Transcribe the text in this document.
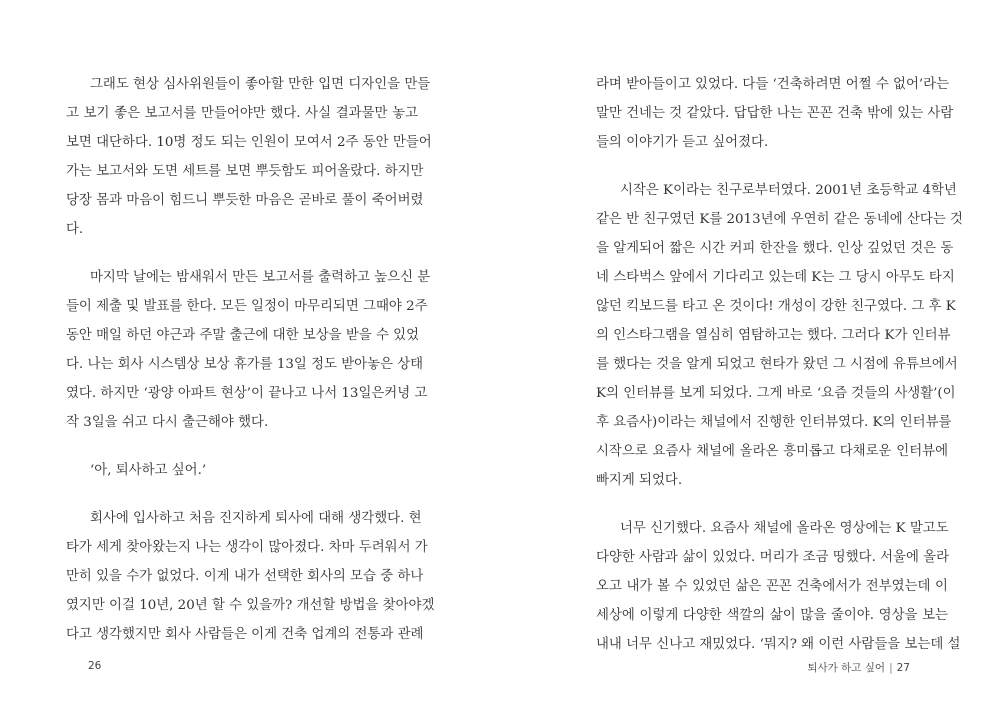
그래도 현상 심사위원들이 좋아할 만한 입면 디자인을 만들
고 보기 좋은 보고서를 만들어야만 했다. 사실 결과물만 놓고
보면 대단하다. 10명 정도 되는 인원이 모여서 2주 동안 만들어
가는 보고서와 도면 세트를 보면 뿌듯함도 피어올랐다. 하지만
당장 몸과 마음이 힘드니 뿌듯한 마음은 곧바로 풀이 죽어버렸
다.
마지막 날에는 밤새워서 만든 보고서를 출력하고 높으신 분
들이 제출 및 발표를 한다. 모든 일정이 마무리되면 그때야 2주
동안 매일 하던 야근과 주말 출근에 대한 보상을 받을 수 있었
다. 나는 회사 시스템상 보상 휴가를 13일 정도 받아놓은 상태
였다. 하지만 ‘광양 아파트 현상’이 끝나고 나서 13일은커녕 고
작 3일을 쉬고 다시 출근해야 했다.
‘아, 퇴사하고 싶어.’
회사에 입사하고 처음 진지하게 퇴사에 대해 생각했다. 현
타가 세게 찾아왔는지 나는 생각이 많아졌다. 차마 두려워서 가
만히 있을 수가 없었다. 이게 내가 선택한 회사의 모습 중 하나
였지만 이걸 10년, 20년 할 수 있을까? 개선할 방법을 찾아야겠
다고 생각했지만 회사 사람들은 이게 건축 업계의 전통과 관례
26
라며 받아들이고 있었다. 다들 ‘건축하려면 어쩔 수 없어’라는
말만 건네는 것 같았다. 답답한 나는 꼰꼰 건축 밖에 있는 사람
들의 이야기가 듣고 싶어졌다.
시작은 K이라는 친구로부터였다. 2001년 초등학교 4학년
같은 반 친구였던 K를 2013년에 우연히 같은 동네에 산다는 것
을 알게되어 짧은 시간 커피 한잔을 했다. 인상 깊었던 것은 동
네 스타벅스 앞에서 기다리고 있는데 K는 그 당시 아무도 타지
않던 킥보드를 타고 온 것이다! 개성이 강한 친구였다. 그 후 K
의 인스타그램을 열심히 염탐하고는 했다. 그러다 K가 인터뷰
를 했다는 것을 알게 되었고 현타가 왔던 그 시점에 유튜브에서
K의 인터뷰를 보게 되었다. 그게 바로 ‘요즘 것들의 사생활’(이
후 요즘사)이라는 채널에서 진행한 인터뷰였다. K의 인터뷰를
시작으로 요즘사 채널에 올라온 흥미롭고 다채로운 인터뷰에
빠지게 되었다.
너무 신기했다. 요즘사 채널에 올라온 영상에는 K 말고도
다양한 사람과 삶이 있었다. 머리가 조금 띵했다. 서울에 올라
오고 내가 볼 수 있었던 삶은 꼰꼰 건축에서가 전부였는데 이
세상에 이렇게 다양한 색깔의 삶이 많을 줄이야. 영상을 보는
내내 너무 신나고 재밌었다. ‘뭐지? 왜 이런 사람들을 보는데 설
퇴사가 하고 싶어 | 27
